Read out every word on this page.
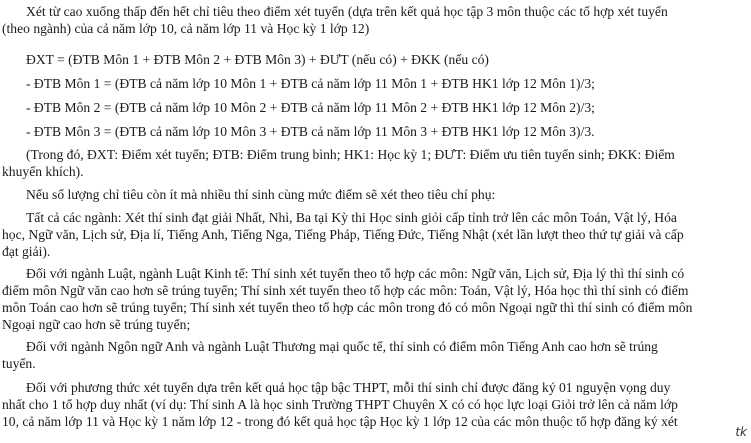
Xét từ cao xuống thấp đến hết chỉ tiêu theo điểm xét tuyển (dựa trên kết quả học tập 3 môn thuộc các tổ hợp xét tuyển
(theo ngành) của cả năm lớp 10, cả năm lớp 11 và Học kỳ 1 lớp 12)
ĐXT = (ĐTB Môn 1 + ĐTB Môn 2 + ĐTB Môn 3) + ĐƯT (nếu có) + ĐKK (nếu có)
- ĐTB Môn 1 = (ĐTB cả năm lớp 10 Môn 1 + ĐTB cả năm lớp 11 Môn 1 + ĐTB HK1 lớp 12 Môn 1)/3;
- ĐTB Môn 2 = (ĐTB cả năm lớp 10 Môn 2 + ĐTB cả năm lớp 11 Môn 2 + ĐTB HK1 lớp 12 Môn 2)/3;
- ĐTB Môn 3 = (ĐTB cả năm lớp 10 Môn 3 + ĐTB cả năm lớp 11 Môn 3 + ĐTB HK1 lớp 12 Môn 3)/3.
(Trong đó, ĐXT: Điểm xét tuyển; ĐTB: Điểm trung bình; HK1: Học kỳ 1; ĐƯT: Điểm ưu tiên tuyển sinh; ĐKK: Điểm
khuyến khích).
Nếu số lượng chỉ tiêu còn ít mà nhiều thí sinh cùng mức điểm sẽ xét theo tiêu chí phụ:
Tất cả các ngành: Xét thí sinh đạt giải Nhất, Nhì, Ba tại Kỳ thi Học sinh giỏi cấp tỉnh trở lên các môn Toán, Vật lý, Hóa
học, Ngữ văn, Lịch sử, Địa lí, Tiếng Anh, Tiếng Nga, Tiếng Pháp, Tiếng Đức, Tiếng Nhật (xét lần lượt theo thứ tự giải và cấp
đạt giải).
Đối với ngành Luật, ngành Luật Kinh tế: Thí sinh xét tuyển theo tổ hợp các môn: Ngữ văn, Lịch sử, Địa lý thì thí sinh có
điểm môn Ngữ văn cao hơn sẽ trúng tuyển; Thí sinh xét tuyển theo tổ hợp các môn: Toán, Vật lý, Hóa học thì thí sinh có điểm
môn Toán cao hơn sẽ trúng tuyển; Thí sinh xét tuyển theo tổ hợp các môn trong đó có môn Ngoại ngữ thì thí sinh có điểm môn
Ngoại ngữ cao hơn sẽ trúng tuyển;
Đối với ngành Ngôn ngữ Anh và ngành Luật Thương mại quốc tế, thí sinh có điểm môn Tiếng Anh cao hơn sẽ trúng
tuyển.
Đối với phương thức xét tuyển dựa trên kết quả học tập bậc THPT, mỗi thí sinh chỉ được đăng ký 01 nguyện vọng duy
nhất cho 1 tổ hợp duy nhất (ví dụ: Thí sinh A là học sinh Trường THPT Chuyên X có có học lực loại Giỏi trở lên cả năm lớp
10, cả năm lớp 11 và Học kỳ 1 năm lớp 12 - trong đó kết quả học tập Học kỳ 1 lớp 12 của các môn thuộc tổ hợp đăng ký xét
tk
